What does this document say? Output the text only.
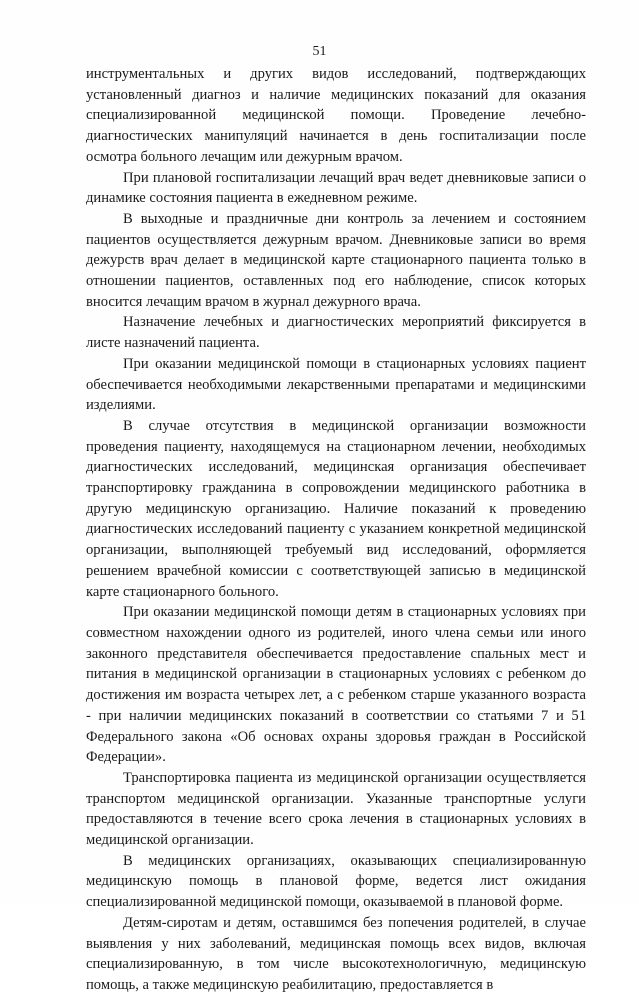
51

инструментальных и других видов исследований, подтверждающих установленный диагноз и наличие медицинских показаний для оказания специализированной медицинской помощи. Проведение лечебно-диагностических манипуляций начинается в день госпитализации после осмотра больного лечащим или дежурным врачом.

При плановой госпитализации лечащий врач ведет дневниковые записи о динамике состояния пациента в ежедневном режиме.

В выходные и праздничные дни контроль за лечением и состоянием пациентов осуществляется дежурным врачом. Дневниковые записи во время дежурств врач делает в медицинской карте стационарного пациента только в отношении пациентов, оставленных под его наблюдение, список которых вносится лечащим врачом в журнал дежурного врача.

Назначение лечебных и диагностических мероприятий фиксируется в листе назначений пациента.

При оказании медицинской помощи в стационарных условиях пациент обеспечивается необходимыми лекарственными препаратами и медицинскими изделиями.

В случае отсутствия в медицинской организации возможности проведения пациенту, находящемуся на стационарном лечении, необходимых диагностических исследований, медицинская организация обеспечивает транспортировку гражданина в сопровождении медицинского работника в другую медицинскую организацию. Наличие показаний к проведению диагностических исследований пациенту с указанием конкретной медицинской организации, выполняющей требуемый вид исследований, оформляется решением врачебной комиссии с соответствующей записью в медицинской карте стационарного больного.

При оказании медицинской помощи детям в стационарных условиях при совместном нахождении одного из родителей, иного члена семьи или иного законного представителя обеспечивается предоставление спальных мест и питания в медицинской организации в стационарных условиях с ребенком до достижения им возраста четырех лет, а с ребенком старше указанного возраста - при наличии медицинских показаний в соответствии со статьями 7 и 51 Федерального закона «Об основах охраны здоровья граждан в Российской Федерации».

Транспортировка пациента из медицинской организации осуществляется транспортом медицинской организации. Указанные транспортные услуги предоставляются в течение всего срока лечения в стационарных условиях в медицинской организации.

В медицинских организациях, оказывающих специализированную медицинскую помощь в плановой форме, ведется лист ожидания специализированной медицинской помощи, оказываемой в плановой форме.

Детям-сиротам и детям, оставшимся без попечения родителей, в случае выявления у них заболеваний, медицинская помощь всех видов, включая специализированную, в том числе высокотехнологичную, медицинскую помощь, а также медицинскую реабилитацию, предоставляется в
